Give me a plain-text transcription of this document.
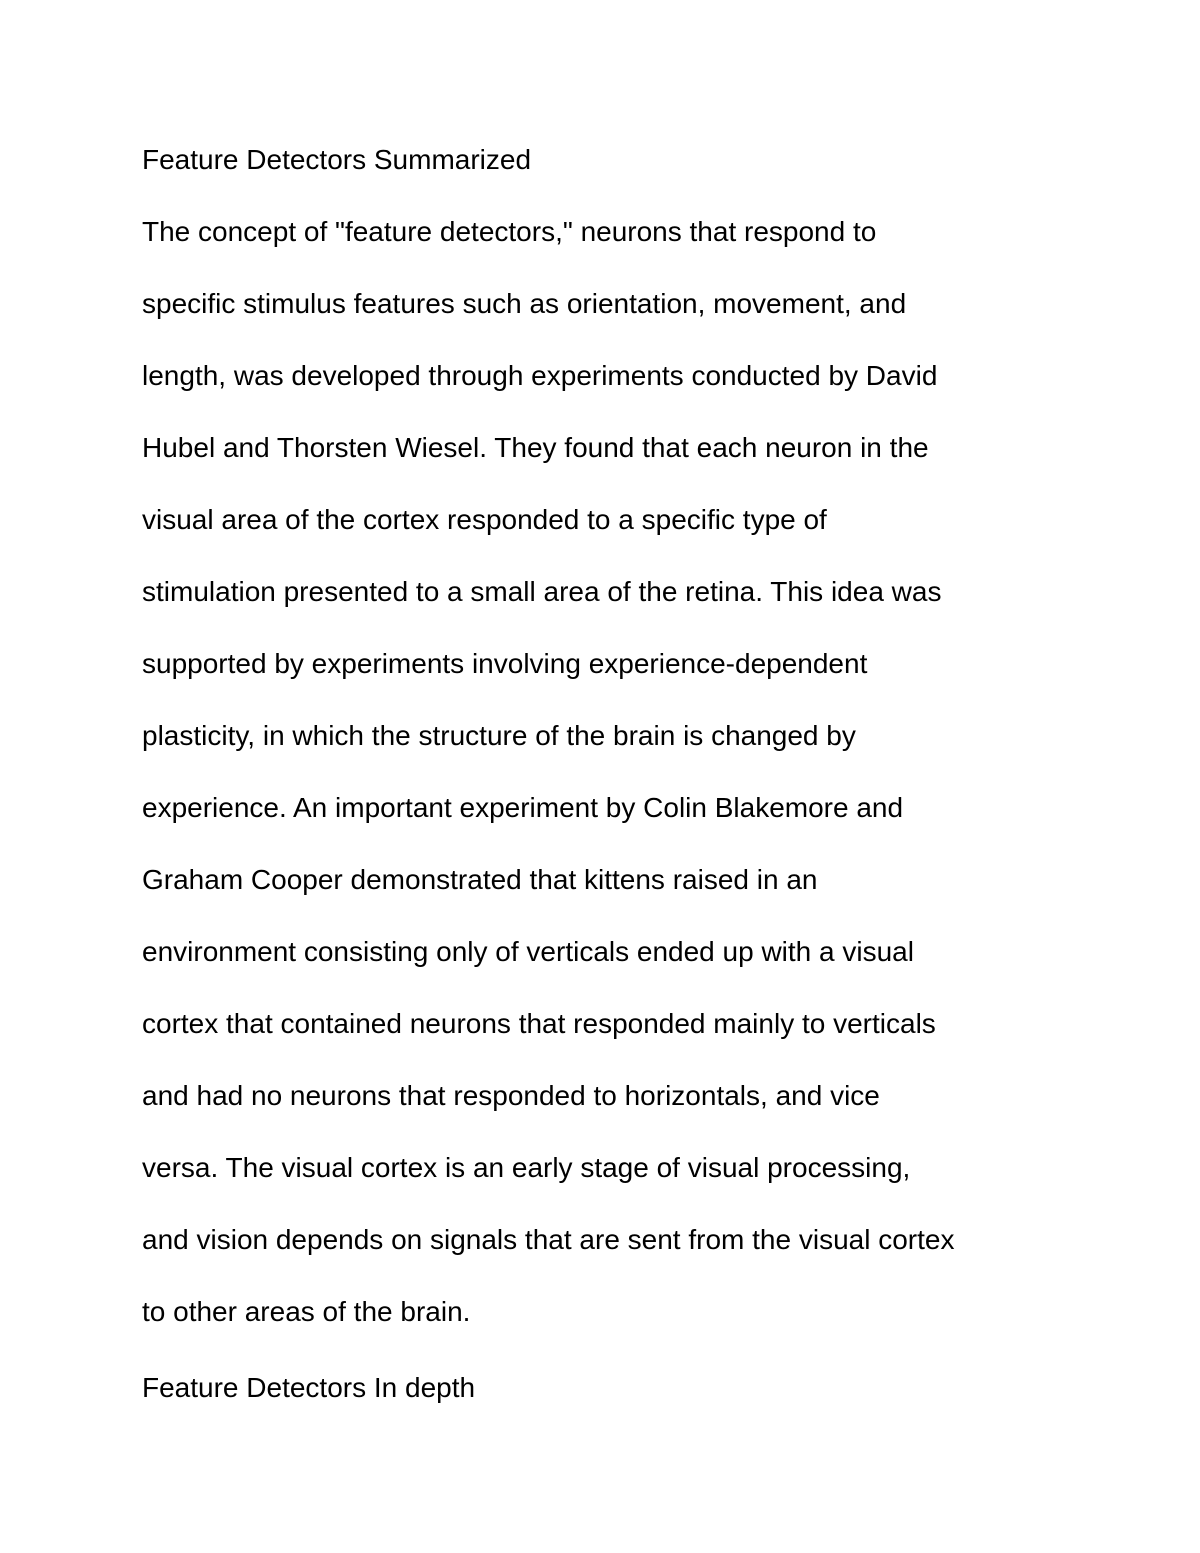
Feature Detectors Summarized
The concept of "feature detectors," neurons that respond to
specific stimulus features such as orientation, movement, and
length, was developed through experiments conducted by David
Hubel and Thorsten Wiesel. They found that each neuron in the
visual area of the cortex responded to a specific type of
stimulation presented to a small area of the retina. This idea was
supported by experiments involving experience-dependent
plasticity, in which the structure of the brain is changed by
experience. An important experiment by Colin Blakemore and
Graham Cooper demonstrated that kittens raised in an
environment consisting only of verticals ended up with a visual
cortex that contained neurons that responded mainly to verticals
and had no neurons that responded to horizontals, and vice
versa. The visual cortex is an early stage of visual processing,
and vision depends on signals that are sent from the visual cortex
to other areas of the brain.
Feature Detectors In depth
